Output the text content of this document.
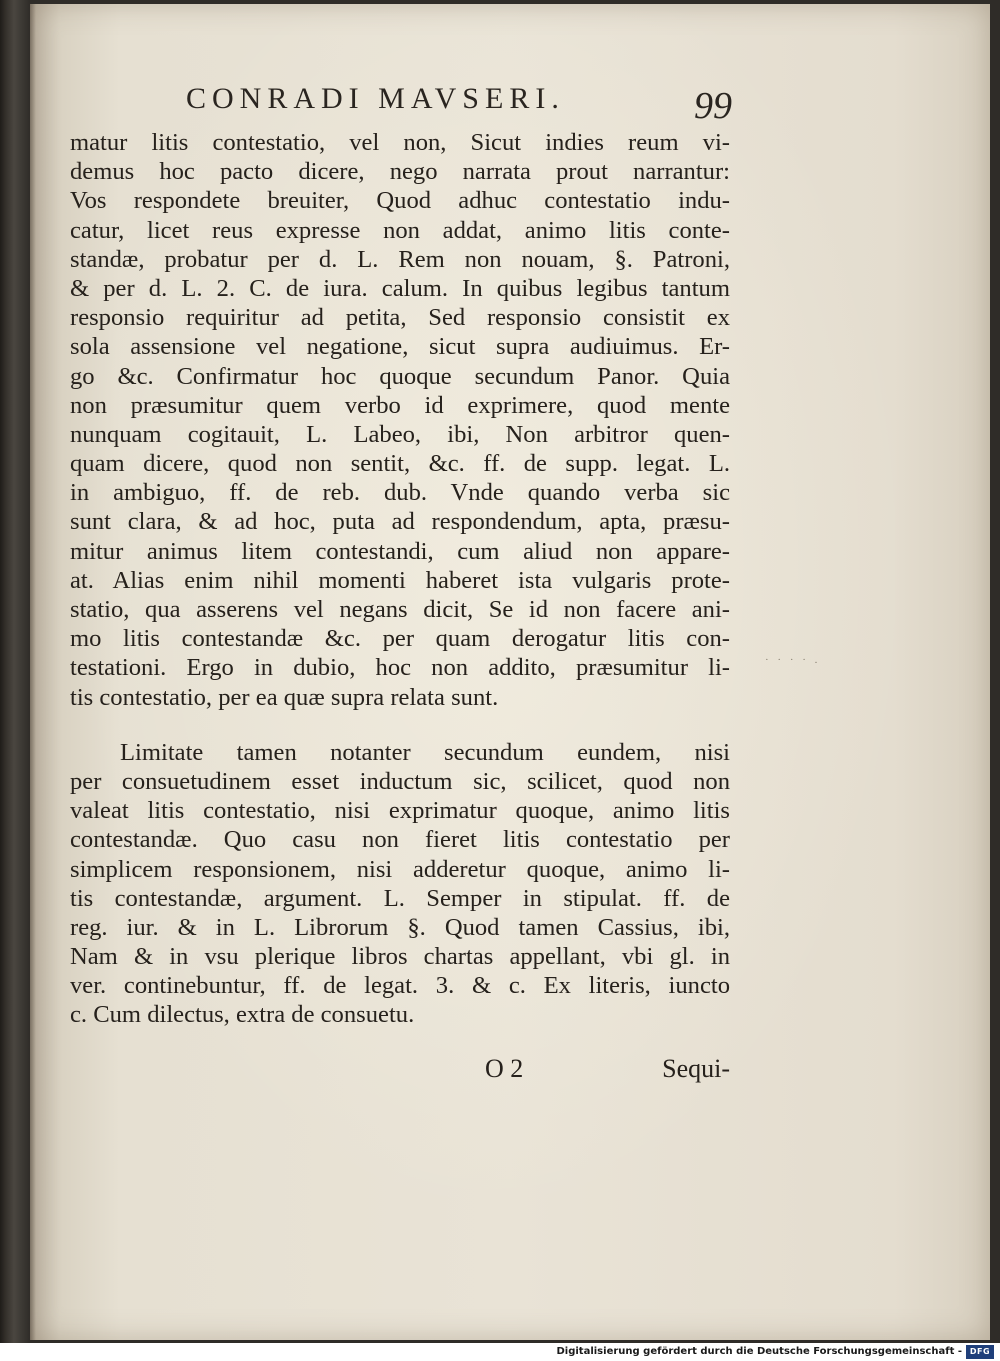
CONRADI MAVSERI.	99
matur litis contestatio, vel non, Sicut indies reum vi-
demus hoc pacto dicere, nego narrata prout narrantur:
Vos respondete breuiter, Quod adhuc contestatio indu-
catur, licet reus expresse non addat, animo litis conte-
standæ, probatur per d. L. Rem non nouam, §. Patroni,
& per d. L. 2. C. de iura. calum. In quibus legibus tantum
responsio requiritur ad petita, Sed responsio consistit ex
sola assensione vel negatione, sicut supra audiuimus. Er-
go &c. Confirmatur hoc quoque secundum Panor. Quia
non præsumitur quem verbo id exprimere, quod mente
nunquam cogitauit, L. Labeo, ibi, Non arbitror quen-
quam dicere, quod non sentit, &c. ff. de supp. legat. L.
in ambiguo, ff. de reb. dub. Vnde quando verba sic
sunt clara, & ad hoc, puta ad respondendum, apta, præsu-
mitur animus litem contestandi, cum aliud non appare-
at. Alias enim nihil momenti haberet ista vulgaris prote-
statio, qua asserens vel negans dicit, Se id non facere ani-
mo litis contestandæ &c. per quam derogatur litis con-
testationi. Ergo in dubio, hoc non addito, præsumitur li-
tis contestatio, per ea quæ supra relata sunt.
Limitate tamen notanter secundum eundem, nisi
per consuetudinem esset inductum sic, scilicet, quod non
valeat litis contestatio, nisi exprimatur quoque, animo litis
contestandæ. Quo casu non fieret litis contestatio per
simplicem responsionem, nisi adderetur quoque, animo li-
tis contestandæ, argument. L. Semper in stipulat. ff. de
reg. iur. & in L. Librorum §. Quod tamen Cassius, ibi,
Nam & in vsu plerique libros chartas appellant, vbi gl. in
ver. continebuntur, ff. de legat. 3. & c. Ex literis, iuncto
c. Cum dilectus, extra de consuetu.
O 2	Sequi-
· · · · .
Digitalisierung gefördert durch die Deutsche Forschungsgemeinschaft - DFG
